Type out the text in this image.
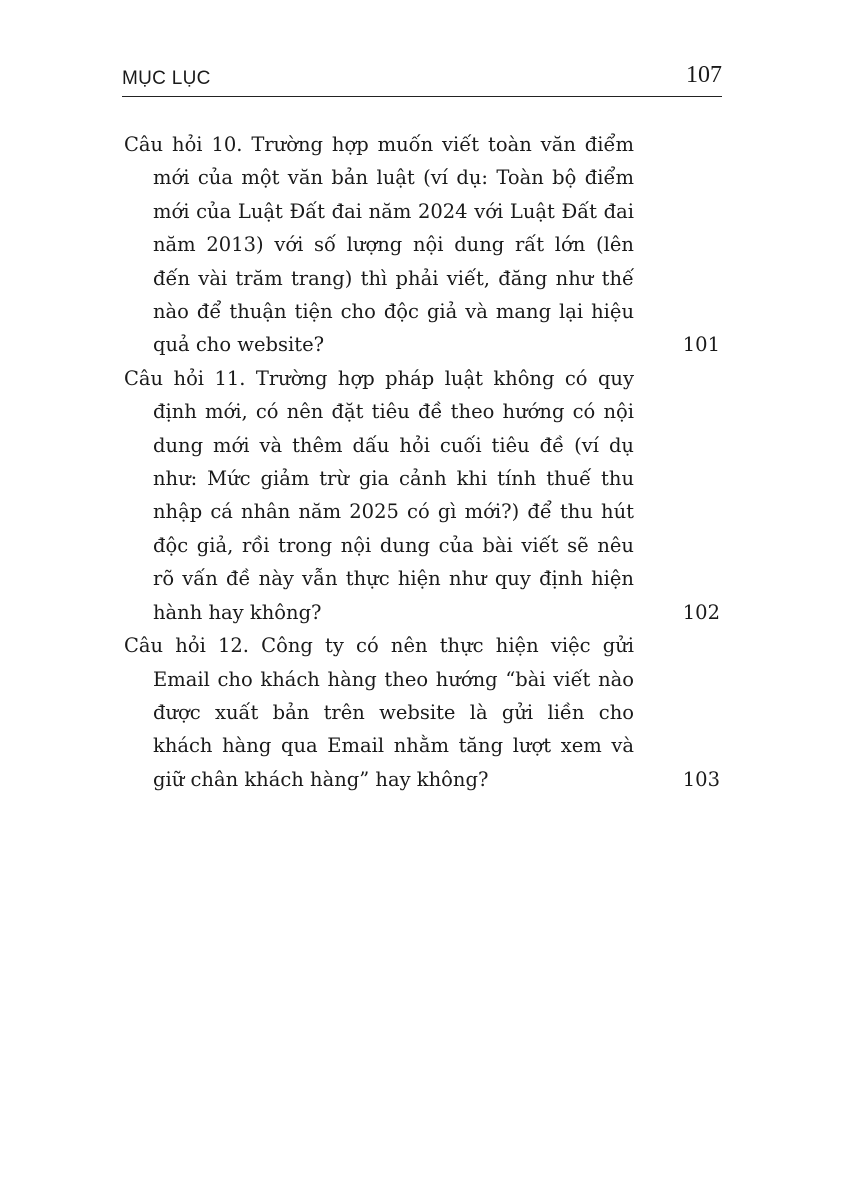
MỤC LỤC	107
Câu hỏi 10. Trường hợp muốn viết toàn văn điểm mới của một văn bản luật (ví dụ: Toàn bộ điểm mới của Luật Đất đai năm 2024 với Luật Đất đai năm 2013) với số lượng nội dung rất lớn (lên đến vài trăm trang) thì phải viết, đăng như thế nào để thuận tiện cho độc giả và mang lại hiệu quả cho website?	101
Câu hỏi 11. Trường hợp pháp luật không có quy định mới, có nên đặt tiêu đề theo hướng có nội dung mới và thêm dấu hỏi cuối tiêu đề (ví dụ như: Mức giảm trừ gia cảnh khi tính thuế thu nhập cá nhân năm 2025 có gì mới?) để thu hút độc giả, rồi trong nội dung của bài viết sẽ nêu rõ vấn đề này vẫn thực hiện như quy định hiện hành hay không?	102
Câu hỏi 12. Công ty có nên thực hiện việc gửi Email cho khách hàng theo hướng “bài viết nào được xuất bản trên website là gửi liền cho khách hàng qua Email nhằm tăng lượt xem và giữ chân khách hàng” hay không?	103
